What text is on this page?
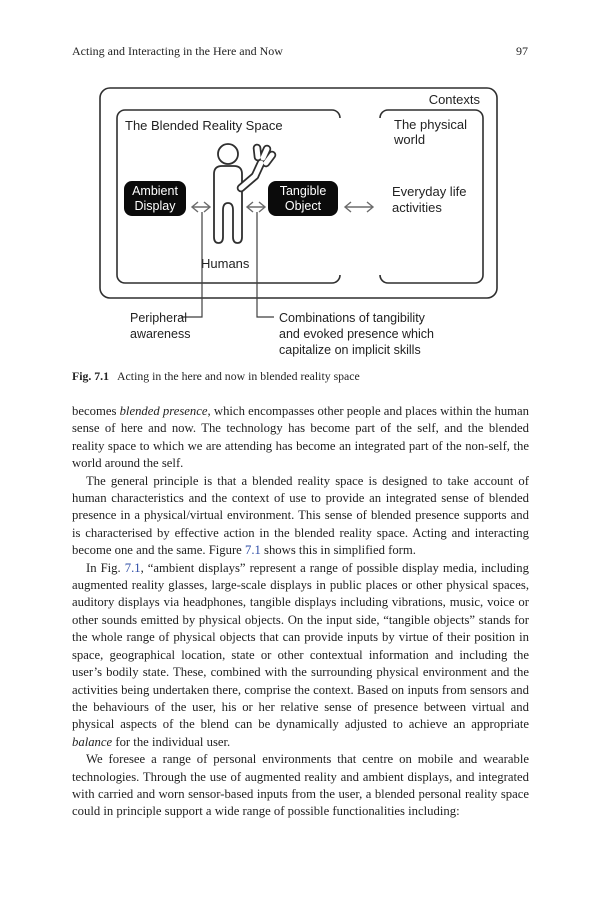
Acting and Interacting in the Here and Now	97
Contexts
The Blended Reality Space	The physical
world
Ambient
Display
Tangible
Object
Everyday life
activities
Humans
Peripheral
awareness
Combinations of tangibility
and evoked presence which
capitalize on implicit skills
Fig. 7.1 Acting in the here and now in blended reality space

becomes blended presence, which encompasses other people and places within the human sense of here and now. The technology has become part of the self, and the blended reality space to which we are attending has become an integrated part of the non-self, the world around the self.

The general principle is that a blended reality space is designed to take account of human characteristics and the context of use to provide an integrated sense of blended presence in a physical/virtual environment. This sense of blended presence supports and is characterised by effective action in the blended reality space. Acting and interacting become one and the same. Figure 7.1 shows this in simplified form.

In Fig. 7.1, “ambient displays” represent a range of possible display media, including augmented reality glasses, large-scale displays in public places or other physical spaces, auditory displays via headphones, tangible displays including vibrations, music, voice or other sounds emitted by physical objects. On the input side, “tangible objects” stands for the whole range of physical objects that can provide inputs by virtue of their position in space, geographical location, state or other contextual information and including the user’s bodily state. These, combined with the surrounding physical environment and the activities being undertaken there, comprise the context. Based on inputs from sensors and the behaviours of the user, his or her relative sense of presence between virtual and physical aspects of the blend can be dynamically adjusted to achieve an appropriate balance for the individual user.

We foresee a range of personal environments that centre on mobile and wearable technologies. Through the use of augmented reality and ambient displays, and integrated with carried and worn sensor-based inputs from the user, a blended personal reality space could in principle support a wide range of possible functionalities including:
